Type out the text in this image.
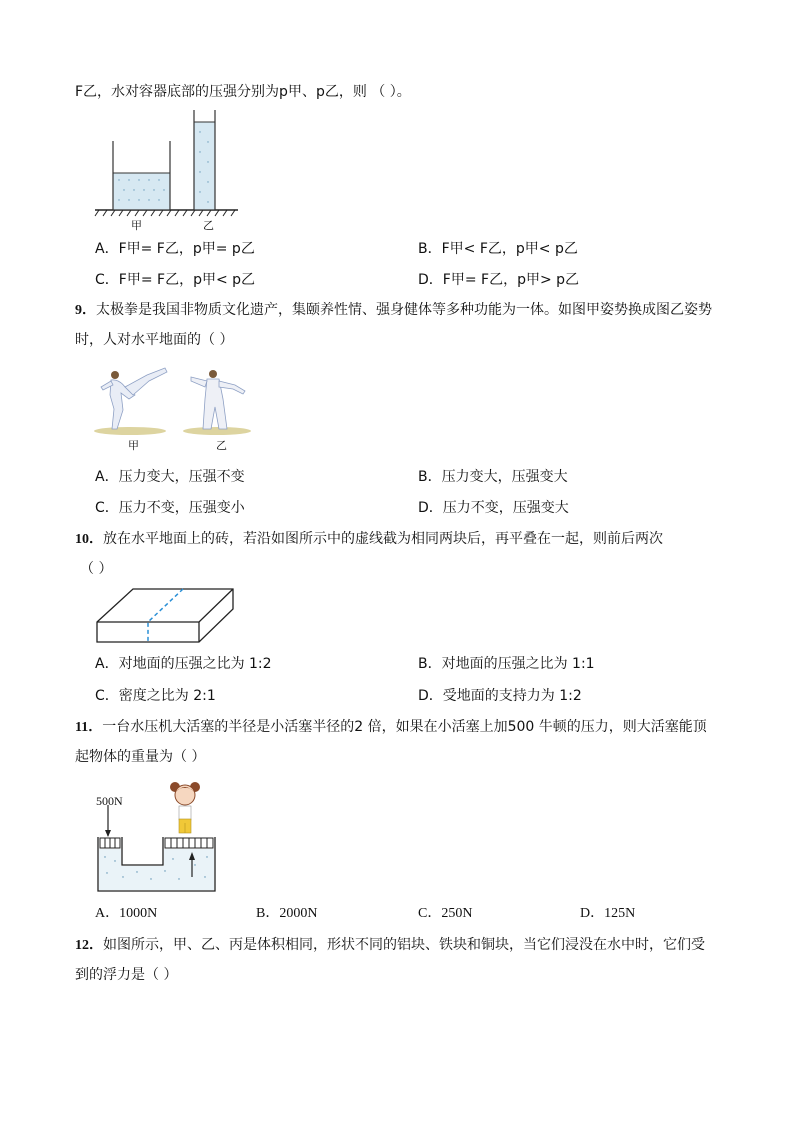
F乙，水对容器底部的压强分别为p甲、p乙，则 （ ）。
甲	乙
A．F甲= F乙，p甲= p乙	B．F甲< F乙，p甲< p乙
C．F甲= F乙，p甲< p乙	D．F甲= F乙，p甲> p乙
9．太极拳是我国非物质文化遗产，集颐养性情、强身健体等多种功能为一体。如图甲姿势换成图乙姿势
时，人对水平地面的（ ）
甲	乙
A．压力变大，压强不变	B．压力变大，压强变大
C．压力不变，压强变小	D．压力不变，压强变大
10．放在水平地面上的砖，若沿如图所示中的虚线截为相同两块后，再平叠在一起，则前后两次
（ ）
A．对地面的压强之比为 1:2	B．对地面的压强之比为 1:1
C．密度之比为 2:1	D．受地面的支持力为 1:2
11．一台水压机大活塞的半径是小活塞半径的2 倍，如果在小活塞上加500 牛顿的压力，则大活塞能顶
起物体的重量为（ ）
500N
A．1000N	B．2000N	C．250N	D．125N
12．如图所示，甲、乙、丙是体积相同，形状不同的铝块、铁块和铜块，当它们浸没在水中时，它们受
到的浮力是（ ）
